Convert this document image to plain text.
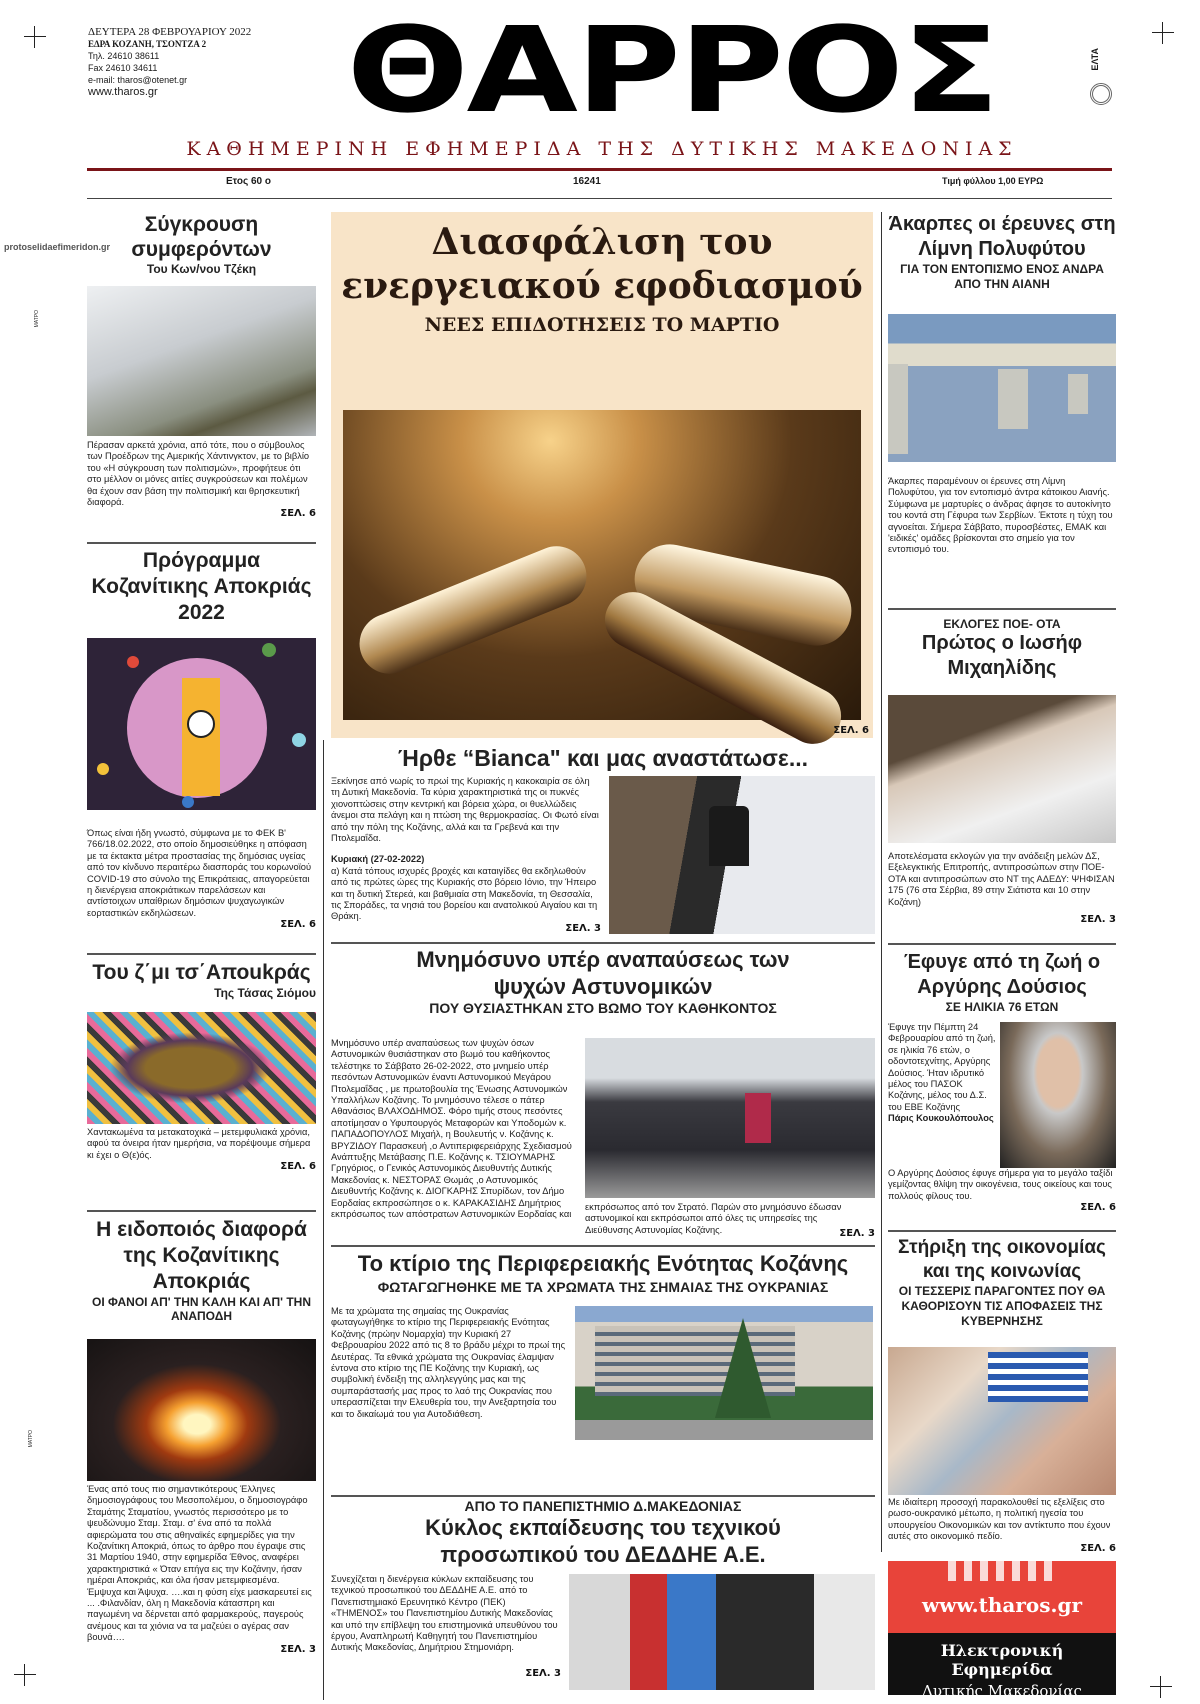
ΔΕΥΤΕΡΑ 28 ΦΕΒΡΟΥΑΡΙΟΥ 2022
ΕΔΡΑ ΚΟΖΑΝΗ, ΤΣΟΝΤΖΑ 2
Τηλ. 24610 38611
Fax 24610 34611
e-mail: tharos@otenet.gr
www.tharos.gr	ΘΑΡΡΟΣ	ΕΛΤΑ
ΚΑΘΗΜΕΡΙΝΗ ΕΦΗΜΕΡΙΔΑ ΤΗΣ ΔΥΤΙΚΗΣ ΜΑΚΕΔΟΝΙΑΣ
Ετος 60 ο	16241	Τιμή φύλλου 1,00 ΕΥΡΩ
protoselidaefimeridon.gr
ΜΑΤΡΟ
ΜΑΤΡΟ
Σύγκρουση συμφερόντων
Του Κων/νου Τζέκη
Πέρασαν αρκετά χρόνια, από τότε, που ο σύμβουλος των Προέδρων της Αμερικής Χάντινγκτον, με το βιβλίο του «Η σύγκρουση των πολιτισμών», προφήτευε ότι στο μέλλον οι μόνες αιτίες συγκρούσεων και πολέμων θα έχουν σαν βάση την πολιτισμική και θρησκευτική διαφορά.
ΣΕΛ. 6
Πρόγραμμα Κοζανίτικης Αποκριάς 2022
Όπως είναι ήδη γνωστό, σύμφωνα με το ΦΕΚ Β' 766/18.02.2022, στο οποίο δημοσιεύθηκε η απόφαση με τα έκτακτα μέτρα προστασίας της δημόσιας υγείας από τον κίνδυνο περαιτέρω διασποράς του κορωνοϊού COVID-19 στο σύνολο της Επικράτειας, απαγορεύεται η διενέργεια αποκριάτικων παρελάσεων και αντίστοιχων υπαίθριων δημόσιων ψυχαγωγικών εορταστικών εκδηλώσεων.
ΣΕΛ. 6
Του ζ΄μι τσ΄Αποukράς
Της Τάσας Σιόμου
Χαντακωμένα τα μετακατοχικά – μετεμφυλιακά χρόνια, αφού τα όνειρα ήταν ημερήσια, να πορέψουμε σήμερα κι έχει ο Θ(ε)ός.
ΣΕΛ. 6
Η ειδοποιός διαφορά της Κοζανίτικης Αποκριάς
ΟΙ ΦΑΝΟΙ ΑΠ' ΤΗΝ ΚΑΛΗ ΚΑΙ ΑΠ' ΤΗΝ ΑΝΑΠΟΔΗ
Ένας από τους πιο σημαντικότερους Έλληνες δημοσιογράφους του Μεσοπολέμου, ο δημοσιογράφο Σταμάτης Σταματίου, γνωστός περισσότερο με το ψευδώνυμο Σταμ. Σταμ. σ' ένα από τα πολλά αφιερώματα του στις αθηναϊκές εφημερίδες για την Κοζανίτικη Αποκριά, όπως το άρθρο που έγραψε στις 31 Μαρτίου 1940, στην εφημερίδα Έθνος, αναφέρει χαρακτηριστικά « Όταν επήγα εις την Κοζάνην, ήσαν ημέραι Αποκριάς, και όλα ήσαν μετεμφιεσμένα. Έμψυχα και Άψυχα. ….και η φύση είχε μασκαρευτεί εις ... .Φιλανδίαν, όλη η Μακεδονία κάτασπρη και παγωμένη να δέρνεται από φαρμακερούς, παγερούς ανέμους και τα χιόνια να τα μαζεύει ο αγέρας σαν βουνά….
ΣΕΛ. 3
Διασφάλιση του ενεργειακού εφοδιασμού
ΝΕΕΣ ΕΠΙΔΟΤΗΣΕΙΣ ΤΟ ΜΑΡΤΙΟ
ΣΕΛ. 6
Ήρθε “Bianca" και μας αναστάτωσε...
Ξεκίνησε από νωρίς το πρωί της Κυριακής η κακοκαιρία σε όλη τη Δυτική Μακεδονία. Τα κύρια χαρακτηριστικά της οι πυκνές χιονοπτώσεις στην κεντρική και βόρεια χώρα, οι θυελλώδεις άνεμοι στα πελάγη και η πτώση της θερμοκρασίας. Οι Φωτό είναι από την πόλη της Κοζάνης, αλλά και τα Γρεβενά και την Πτολεμαΐδα.
Κυριακή (27-02-2022)
α) Κατά τόπους ισχυρές βροχές και καταιγίδες θα εκδηλωθούν από τις πρώτες ώρες της Κυριακής στο βόρειο Ιόνιο, την Ήπειρο και τη δυτική Στερεά, και βαθμιαία στη Μακεδονία, τη Θεσσαλία, τις Σποράδες, τα νησιά του βορείου και ανατολικού Αιγαίου και τη Θράκη.
ΣΕΛ. 3
Μνημόσυνο υπέρ αναπαύσεως των ψυχών Αστυνομικών
ΠΟΥ ΘΥΣΙΑΣΤΗΚΑΝ ΣΤΟ ΒΩΜΟ ΤΟΥ ΚΑΘΗΚΟΝΤΟΣ
Μνημόσυνο υπέρ αναπαύσεως των ψυχών όσων Αστυνομικών θυσιάστηκαν στο βωμό του καθήκοντος τελέστηκε το Σάββατο 26-02-2022, στο μνημείο υπέρ πεσόντων Αστυνομικών έναντι Αστυνομικού Μεγάρου Πτολεμαΐδας , με πρωτοβουλία της Ένωσης Αστυνομικών Υπαλλήλων Κοζάνης. Το μνημόσυνο τέλεσε ο πάτερ Αθανάσιος ΒΛΑΧΟΔΗΜΟΣ. Φόρο τιμής στους πεσόντες αποτίμησαν ο Υφυπουργός Μεταφορών και Υποδομών κ. ΠΑΠΑΔΟΠΟΥΛΟΣ Μιχαήλ, η Βουλευτής ν. Κοζάνης κ. ΒΡΥΖΙΔΟΥ Παρασκευή ,ο Αντιπεριφερειάρχης Σχεδιασμού Ανάπτυξης Μετάβασης Π.Ε. Κοζάνης κ. ΤΣΙΟΥΜΑΡΗΣ Γρηγόριος, ο Γενικός Αστυνομικός Διευθυντής Δυτικής Μακεδονίας κ. ΝΕΣΤΟΡΑΣ Θωμάς ,ο Αστυνομικός Διευθυντής Κοζάνης κ. ΔΙΟΓΚΑΡΗΣ Σπυρίδων, τον Δήμο Εορδαίας εκπροσώπησε ο κ. ΚΑΡΑΚΑΣΙΔΗΣ Δημήτριος εκπρόσωπος των απόστρατων Αστυνομικών Εορδαίας και
εκπρόσωπος από τον Στρατό. Παρών στο μνημόσυνο έδωσαν αστυνομικοί και εκπρόσωποι από όλες τις υπηρεσίες της Διεύθυνσης Αστυνομίας Κοζάνης.	ΣΕΛ. 3
Το κτίριο της Περιφερειακής Ενότητας Κοζάνης
ΦΩΤΑΓΩΓΗΘΗΚΕ ΜΕ ΤΑ ΧΡΩΜΑΤΑ ΤΗΣ ΣΗΜΑΙΑΣ ΤΗΣ ΟΥΚΡΑΝΙΑΣ
Με τα χρώματα της σημαίας της Ουκρανίας φωταγωγήθηκε το κτίριο της Περιφερειακής Ενότητας Κοζάνης (πρώην Νομαρχία) την Κυριακή 27 Φεβρουαρίου 2022 από τις 8 το βράδυ μέχρι το πρωί της Δευτέρας. Τα εθνικά χρώματα της Ουκρανίας έλαμψαν έντονα στο κτίριο της ΠΕ Κοζάνης την Κυριακή, ως συμβολική ένδειξη της αλληλεγγύης μας και της συμπαράστασής μας προς το λαό της Ουκρανίας που υπερασπίζεται την Ελευθερία του, την Ανεξαρτησία του και το δικαίωμά του για Αυτοδιάθεση.
ΑΠΟ ΤΟ ΠΑΝΕΠΙΣΤΗΜΙΟ Δ.ΜΑΚΕΔΟΝΙΑΣ
Κύκλος εκπαίδευσης του τεχνικού προσωπικού του ΔΕΔΔΗΕ Α.Ε.
Συνεχίζεται η διενέργεια κύκλων εκπαίδευσης του τεχνικού προσωπικού του ΔΕΔΔΗΕ Α.Ε. από το Πανεπιστημιακό Ερευνητικό Κέντρο (ΠΕΚ) «ΤΗΜΕΝΟΣ» του Πανεπιστημίου Δυτικής Μακεδονίας και υπό την επίβλεψη του επιστημονικά υπευθύνου του έργου, Αναπληρωτή Καθηγητή του Πανεπιστημίου Δυτικής Μακεδονίας, Δημήτριου Στημονιάρη.
ΣΕΛ. 3
Άκαρπες οι έρευνες στη Λίμνη Πολυφύτου
ΓΙΑ ΤΟΝ ΕΝΤΟΠΙΣΜΟ ΕΝΟΣ ΑΝΔΡΑ ΑΠΟ ΤΗΝ ΑΙΑΝΗ
Άκαρπες παραμένουν οι έρευνες στη Λίμνη Πολυφύτου, για τον εντοπισμό άντρα κάτοικου Αιανής. Σύμφωνα με μαρτυρίες ο άνδρας άφησε το αυτοκίνητο του κοντά στη Γέφυρα των Σερβίων. Έκτοτε η τύχη του αγνοείται. Σήμερα Σάββατο, πυροσβέστες, ΕΜΑΚ και 'ειδικές' ομάδες βρίσκονται στο σημείο για τον εντοπισμό του.
ΕΚΛΟΓΕΣ ΠΟΕ- ΟΤΑ
Πρώτος ο Ιωσήφ Μιχαηλίδης
Αποτελέσματα εκλογών για την ανάδειξη μελών ΔΣ, Εξελεγκτικής Επιτροπής, αντιπροσώπων στην ΠΟΕ-ΟΤΑ και αντιπροσώπων στο ΝΤ της ΑΔΕΔΥ: ΨΗΦΙΣΑΝ 175 (76 στα Σέρβια, 89 στην Σιάτιστα και 10 στην Κοζάνη)
ΣΕΛ. 3
Έφυγε από τη ζωή ο Αργύρης Δούσιος
ΣΕ ΗΛΙΚΙΑ 76 ΕΤΩΝ
Έφυγε την Πέμπτη 24 Φεβρουαρίου από τη ζωή, σε ηλικία 76 ετών, ο οδοντοτεχνίτης, Αργύρης Δούσιος. Ήταν ιδρυτικό μέλος του ΠΑΣΟΚ Κοζάνης, μέλος του Δ.Σ. του ΕΒΕ Κοζάνης
Πάρις Κουκουλόπουλος
Ο Αργύρης Δούσιος έφυγε σήμερα για το μεγάλο ταξίδι γεμίζοντας θλίψη την οικογένεια, τους οικείους και τους πολλούς φίλους του.
ΣΕΛ. 6
Στήριξη της οικονομίας και της κοινωνίας
ΟΙ ΤΕΣΣΕΡΙΣ ΠΑΡΑΓΟΝΤΕΣ ΠΟΥ ΘΑ ΚΑΘΟΡΙΣΟΥΝ ΤΙΣ ΑΠΟΦΑΣΕΙΣ ΤΗΣ ΚΥΒΕΡΝΗΣΗΣ
Με ιδιαίτερη προσοχή παρακολουθεί τις εξελίξεις στο ρωσο-ουκρανικό μέτωπο, η πολιτική ηγεσία του υπουργείου Οικονομικών και τον αντίκτυπο που έχουν αυτές στο οικονομικό πεδίο.
ΣΕΛ. 6
www.tharos.gr
Ηλεκτρονική Εφημερίδα
Δυτικής Μακεδονίας
